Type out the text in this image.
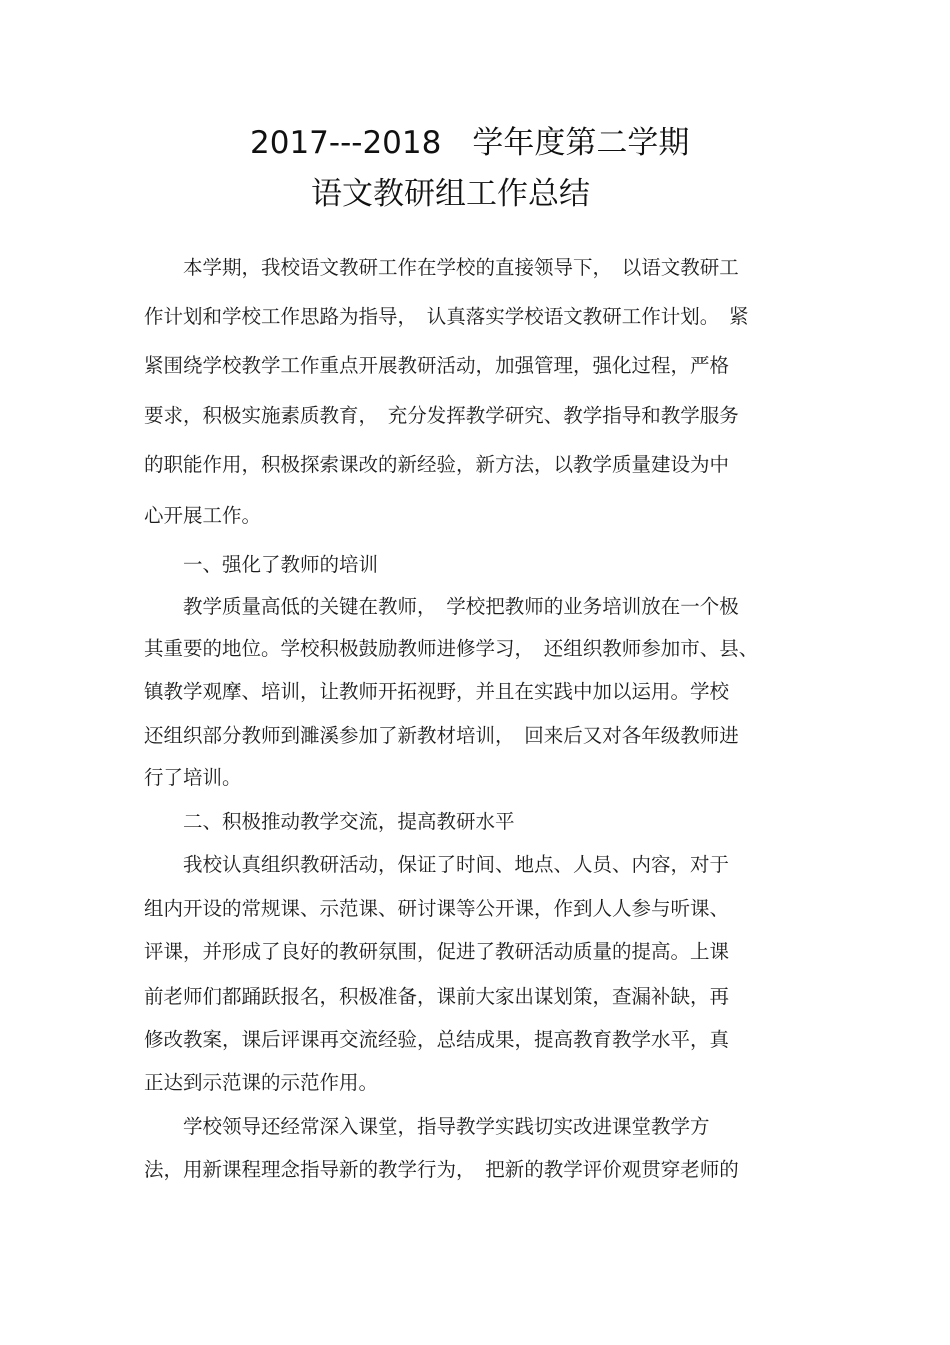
2017---2018　学年度第二学期
语文教研组工作总结
　　本学期，我校语文教研工作在学校的直接领导下，　以语文教研工
作计划和学校工作思路为指导，　认真落实学校语文教研工作计划。　紧
紧围绕学校教学工作重点开展教研活动，加强管理，强化过程，严格
要求，积极实施素质教育，　充分发挥教学研究、教学指导和教学服务
的职能作用，积极探索课改的新经验，新方法，以教学质量建设为中
心开展工作。
　　一、强化了教师的培训
　　教学质量高低的关键在教师，　学校把教师的业务培训放在一个极
其重要的地位。学校积极鼓励教师进修学习，　还组织教师参加市、县、
镇教学观摩、培训，让教师开拓视野，并且在实践中加以运用。学校
还组织部分教师到濉溪参加了新教材培训，　回来后又对各年级教师进
行了培训。
　　二、积极推动教学交流，提高教研水平
　　我校认真组织教研活动，保证了时间、地点、人员、内容，对于
组内开设的常规课、示范课、研讨课等公开课，作到人人参与听课、
评课，并形成了良好的教研氛围，促进了教研活动质量的提高。上课
前老师们都踊跃报名，积极准备，课前大家出谋划策，查漏补缺，再
修改教案，课后评课再交流经验，总结成果，提高教育教学水平，真
正达到示范课的示范作用。
　　学校领导还经常深入课堂，指导教学实践切实改进课堂教学方
法，用新课程理念指导新的教学行为，　把新的教学评价观贯穿老师的
